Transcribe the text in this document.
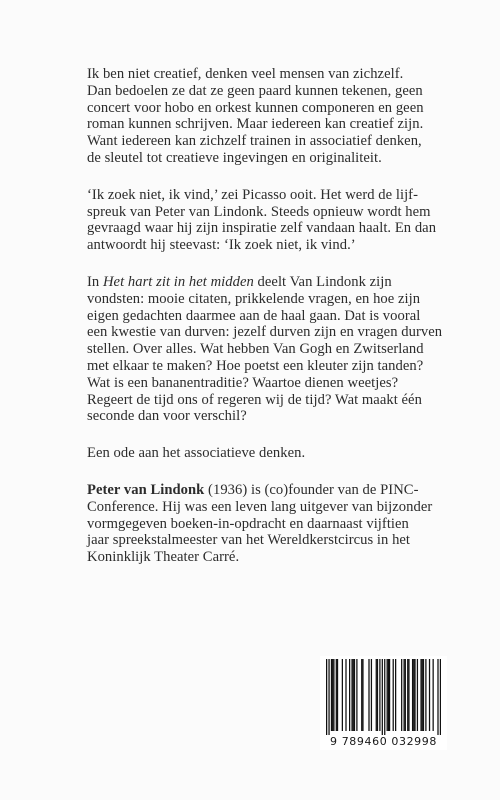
Ik ben niet creatief, denken veel mensen van zichzelf.
Dan bedoelen ze dat ze geen paard kunnen tekenen, geen
concert voor hobo en orkest kunnen componeren en geen
roman kunnen schrijven. Maar iedereen kan creatief zijn.
Want iedereen kan zichzelf trainen in associatief denken,
de sleutel tot creatieve ingevingen en originaliteit.

‘Ik zoek niet, ik vind,’ zei Picasso ooit. Het werd de lijf-
spreuk van Peter van Lindonk. Steeds opnieuw wordt hem
gevraagd waar hij zijn inspiratie zelf vandaan haalt. En dan
antwoordt hij steevast: ‘Ik zoek niet, ik vind.’

In Het hart zit in het midden deelt Van Lindonk zijn
vondsten: mooie citaten, prikkelende vragen, en hoe zijn
eigen gedachten daarmee aan de haal gaan. Dat is vooral
een kwestie van durven: jezelf durven zijn en vragen durven
stellen. Over alles. Wat hebben Van Gogh en Zwitserland
met elkaar te maken? Hoe poetst een kleuter zijn tanden?
Wat is een bananentraditie? Waartoe dienen weetjes?
Regeert de tijd ons of regeren wij de tijd? Wat maakt één
seconde dan voor verschil?

Een ode aan het associatieve denken.

Peter van Lindonk (1936) is (co)founder van de PINC-
Conference. Hij was een leven lang uitgever van bijzonder
vormgegeven boeken-in-opdracht en daarnaast vijftien
jaar spreekstalmeester van het Wereldkerstcircus in het
Koninklijk Theater Carré.

9 789460 032998
